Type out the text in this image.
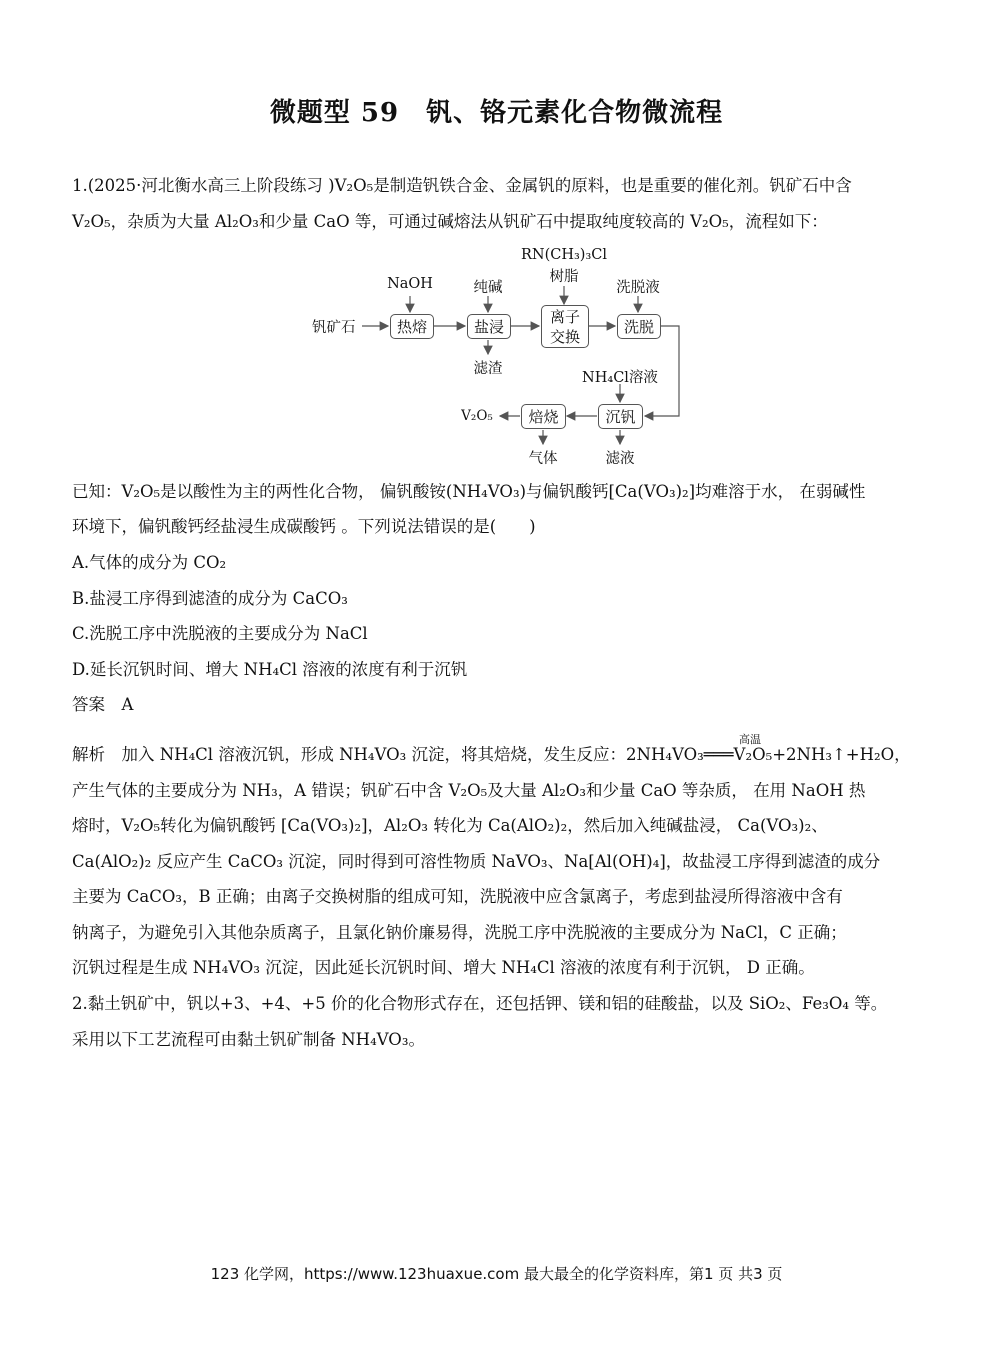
微题型 59　钒、铬元素化合物微流程
1.(2025·河北衡水高三上阶段练习 )V₂O₅是制造钒铁合金、金属钒的原料，也是重要的催化剂。钒矿石中含
V₂O₅，杂质为大量 Al₂O₃和少量 CaO 等，可通过碱熔法从钒矿石中提取纯度较高的 V₂O₅，流程如下：
钒矿石	热熔
NaOH
盐浸
纯碱
滤渣
离子
交换
RN(CH₃)₃Cl
树脂
洗脱
洗脱液
沉钒
NH₄Cl溶液
滤液
焙烧
气体
V₂O₅
已知：V₂O₅是以酸性为主的两性化合物， 偏钒酸铵(NH₄VO₃)与偏钒酸钙[Ca(VO₃)₂]均难溶于水， 在弱碱性
环境下，偏钒酸钙经盐浸生成碳酸钙 。下列说法错误的是(　　)
A.气体的成分为 CO₂
B.盐浸工序得到滤渣的成分为 CaCO₃
C.洗脱工序中洗脱液的主要成分为 NaCl
D.延长沉钒时间、增大 NH₄Cl 溶液的浓度有利于沉钒
答案　A
高温
解析　加入 NH₄Cl 溶液沉钒，形成 NH₄VO₃ 沉淀，将其焙烧，发生反应：2NH₄VO₃═══V₂O₅+2NH₃↑+H₂O，
产生气体的主要成分为 NH₃，A 错误；钒矿石中含 V₂O₅及大量 Al₂O₃和少量 CaO 等杂质， 在用 NaOH 热
熔时，V₂O₅转化为偏钒酸钙 [Ca(VO₃)₂]，Al₂O₃ 转化为 Ca(AlO₂)₂，然后加入纯碱盐浸， Ca(VO₃)₂、
Ca(AlO₂)₂ 反应产生 CaCO₃ 沉淀，同时得到可溶性物质 NaVO₃、Na[Al(OH)₄]，故盐浸工序得到滤渣的成分
主要为 CaCO₃，B 正确；由离子交换树脂的组成可知，洗脱液中应含氯离子，考虑到盐浸所得溶液中含有
钠离子，为避免引入其他杂质离子，且氯化钠价廉易得，洗脱工序中洗脱液的主要成分为 NaCl，C 正确；
沉钒过程是生成 NH₄VO₃ 沉淀，因此延长沉钒时间、增大 NH₄Cl 溶液的浓度有利于沉钒， D 正确。
2.黏土钒矿中，钒以+3、+4、+5 价的化合物形式存在，还包括钾、镁和铝的硅酸盐，以及 SiO₂、Fe₃O₄ 等。
采用以下工艺流程可由黏土钒矿制备 NH₄VO₃。
123 化学网，https://www.123huaxue.com 最大最全的化学资料库，第1 页 共3 页
